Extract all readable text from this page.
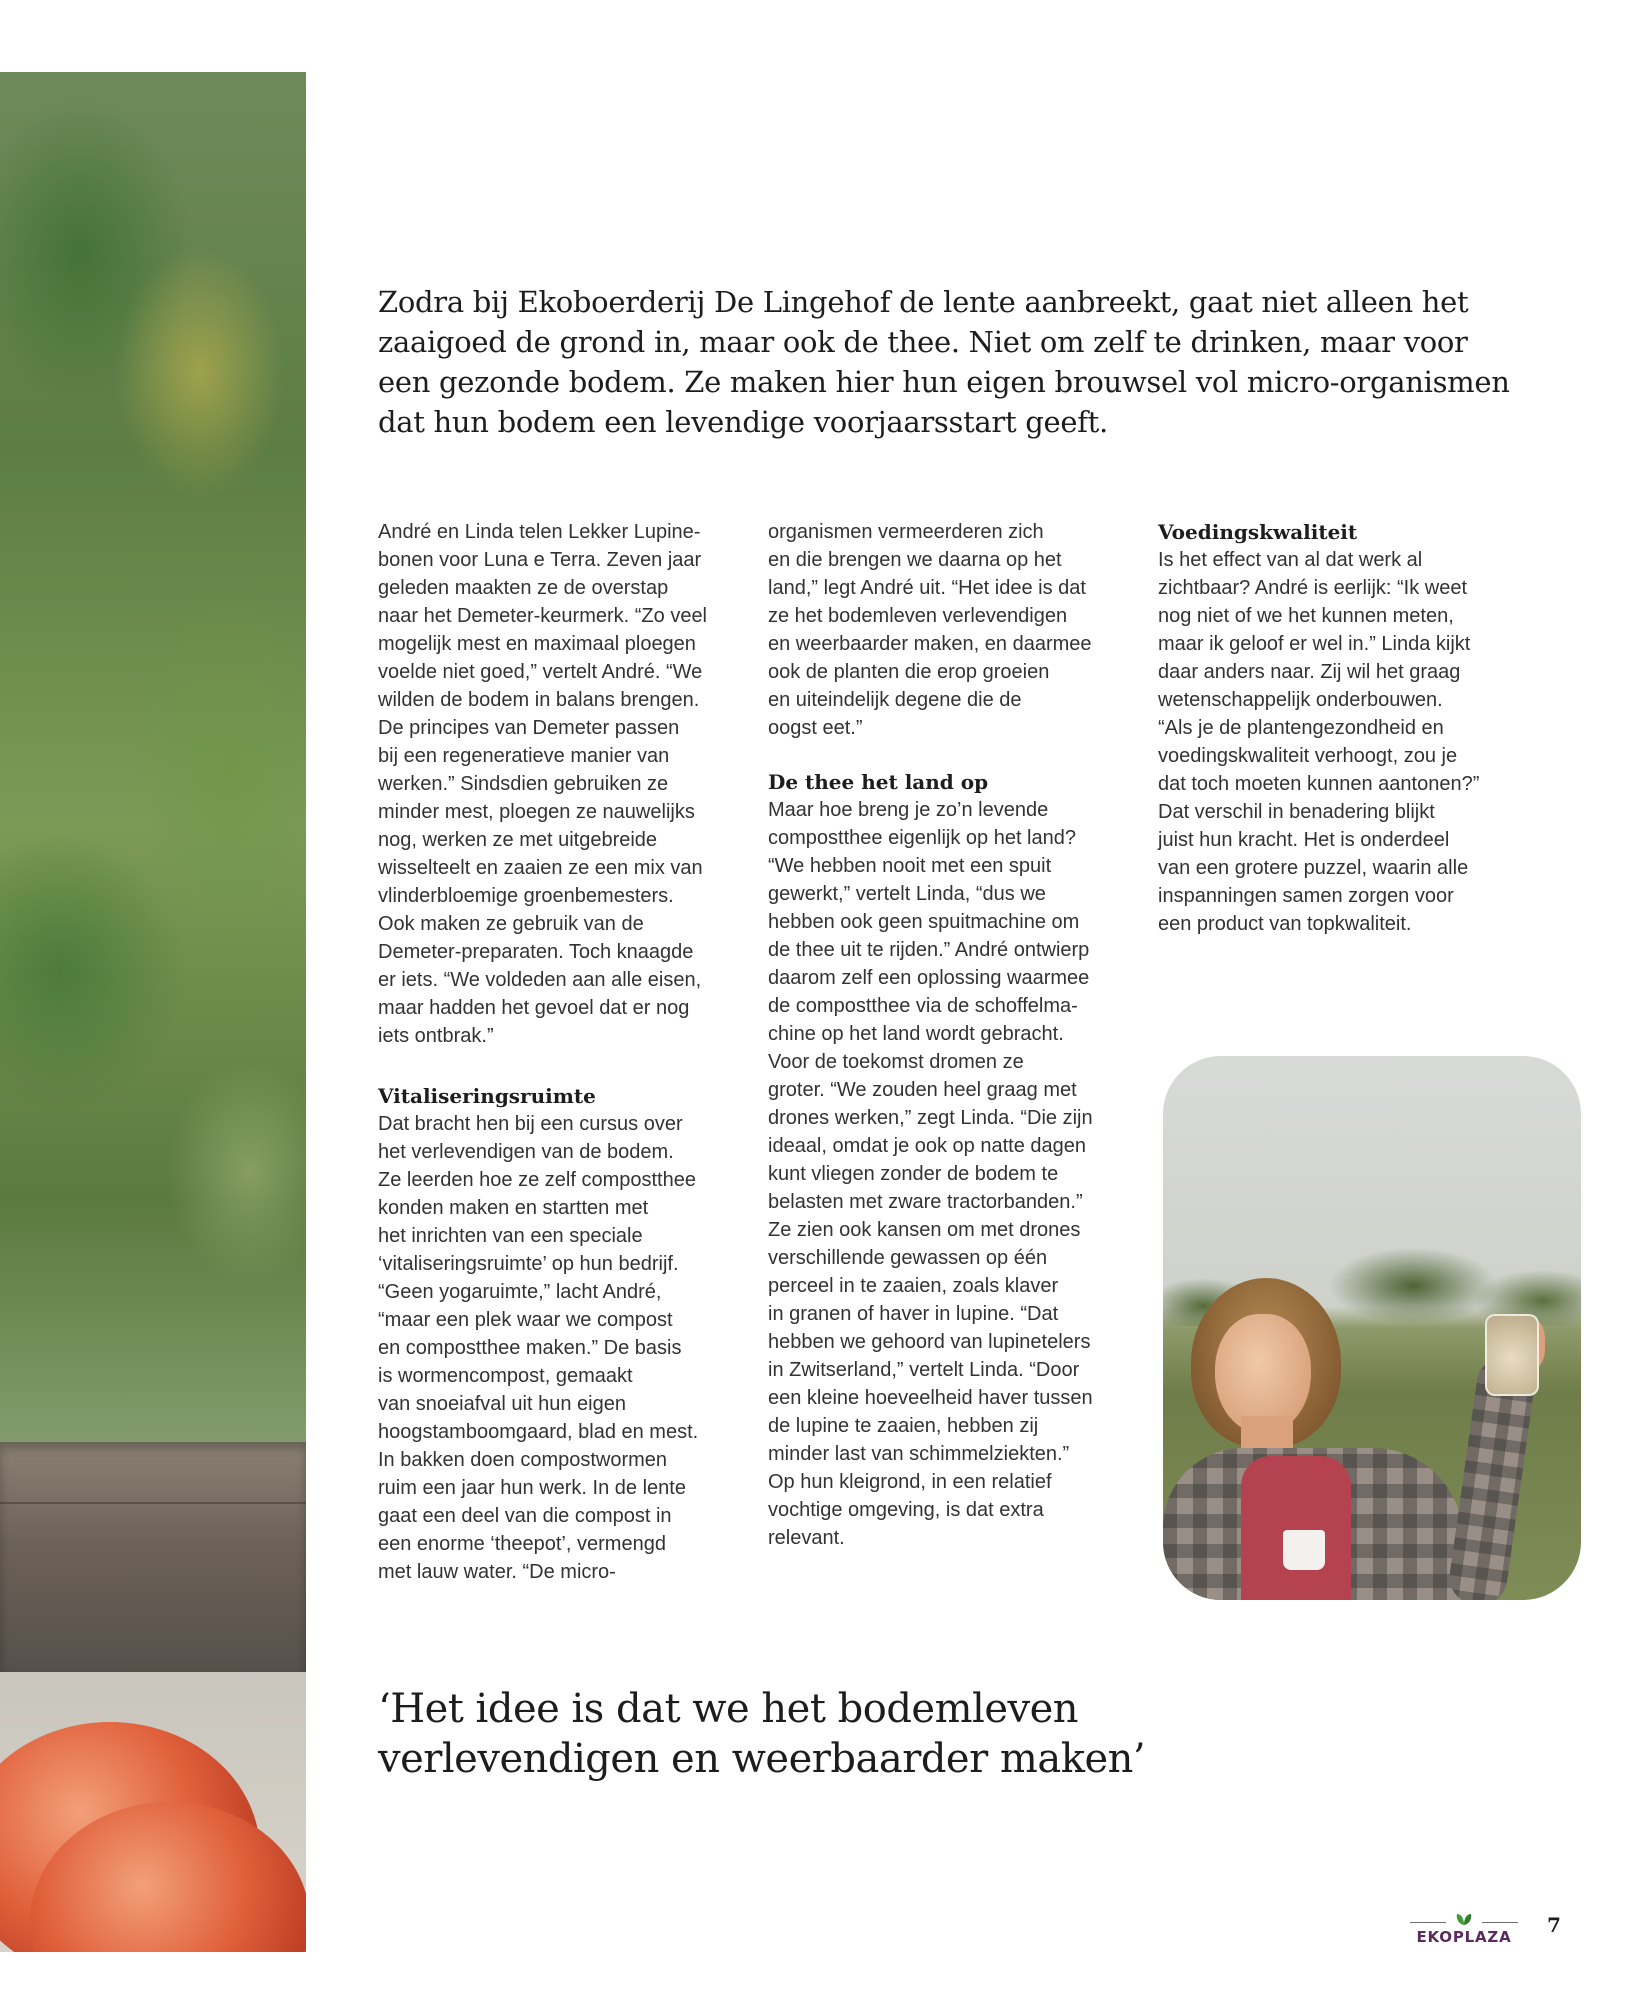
Zodra bij Ekoboerderij De Lingehof de lente aanbreekt, gaat niet alleen het zaaigoed de grond in, maar ook de thee. Niet om zelf te drinken, maar voor een gezonde bodem. Ze maken hier hun eigen brouwsel vol micro-organismen dat hun bodem een levendige voorjaarsstart geeft.

André en Linda telen Lekker Lupine-
bonen voor Luna e Terra. Zeven jaar
geleden maakten ze de overstap
naar het Demeter-keurmerk. “Zo veel
mogelijk mest en maximaal ploegen
voelde niet goed,” vertelt André. “We
wilden de bodem in balans brengen.
De principes van Demeter passen
bij een regeneratieve manier van
werken.” Sindsdien gebruiken ze
minder mest, ploegen ze nauwelijks
nog, werken ze met uitgebreide
wisselteelt en zaaien ze een mix van
vlinderbloemige groenbemesters.
Ook maken ze gebruik van de
Demeter-preparaten. Toch knaagde
er iets. “We voldeden aan alle eisen,
maar hadden het gevoel dat er nog
iets ontbrak.”

Vitaliseringsruimte

Dat bracht hen bij een cursus over
het verlevendigen van de bodem.
Ze leerden hoe ze zelf compostthee
konden maken en startten met
het inrichten van een speciale
‘vitaliseringsruimte’ op hun bedrijf.
“Geen yogaruimte,” lacht André,
“maar een plek waar we compost
en compostthee maken.” De basis
is wormencompost, gemaakt
van snoeiafval uit hun eigen
hoogstamboomgaard, blad en mest.
In bakken doen compostwormen
ruim een jaar hun werk. In de lente
gaat een deel van die compost in
een enorme ‘theepot’, vermengd
met lauw water. “De micro-

organismen vermeerderen zich
en die brengen we daarna op het
land,” legt André uit. “Het idee is dat
ze het bodemleven verlevendigen
en weerbaarder maken, en daarmee
ook de planten die erop groeien
en uiteindelijk degene die de
oogst eet.”

De thee het land op

Maar hoe breng je zo’n levende
compostthee eigenlijk op het land?
“We hebben nooit met een spuit
gewerkt,” vertelt Linda, “dus we
hebben ook geen spuitmachine om
de thee uit te rijden.” André ontwierp
daarom zelf een oplossing waarmee
de compostthee via de schoffelma-
chine op het land wordt gebracht.
Voor de toekomst dromen ze
groter. “We zouden heel graag met
drones werken,” zegt Linda. “Die zijn
ideaal, omdat je ook op natte dagen
kunt vliegen zonder de bodem te
belasten met zware tractorbanden.”
Ze zien ook kansen om met drones
verschillende gewassen op één
perceel in te zaaien, zoals klaver
in granen of haver in lupine. “Dat
hebben we gehoord van lupinetelers
in Zwitserland,” vertelt Linda. “Door
een kleine hoeveelheid haver tussen
de lupine te zaaien, hebben zij
minder last van schimmelziekten.”
Op hun kleigrond, in een relatief
vochtige omgeving, is dat extra
relevant.

Voedingskwaliteit

Is het effect van al dat werk al
zichtbaar? André is eerlijk: “Ik weet
nog niet of we het kunnen meten,
maar ik geloof er wel in.” Linda kijkt
daar anders naar. Zij wil het graag
wetenschappelijk onderbouwen.
“Als je de plantengezondheid en
voedingskwaliteit verhoogt, zou je
dat toch moeten kunnen aantonen?”
Dat verschil in benadering blijkt
juist hun kracht. Het is onderdeel
van een grotere puzzel, waarin alle
inspanningen samen zorgen voor
een product van topkwaliteit.

‘Het idee is dat we het bodemleven
verlevendigen en weerbaarder maken’

EKOPLAZA	7
